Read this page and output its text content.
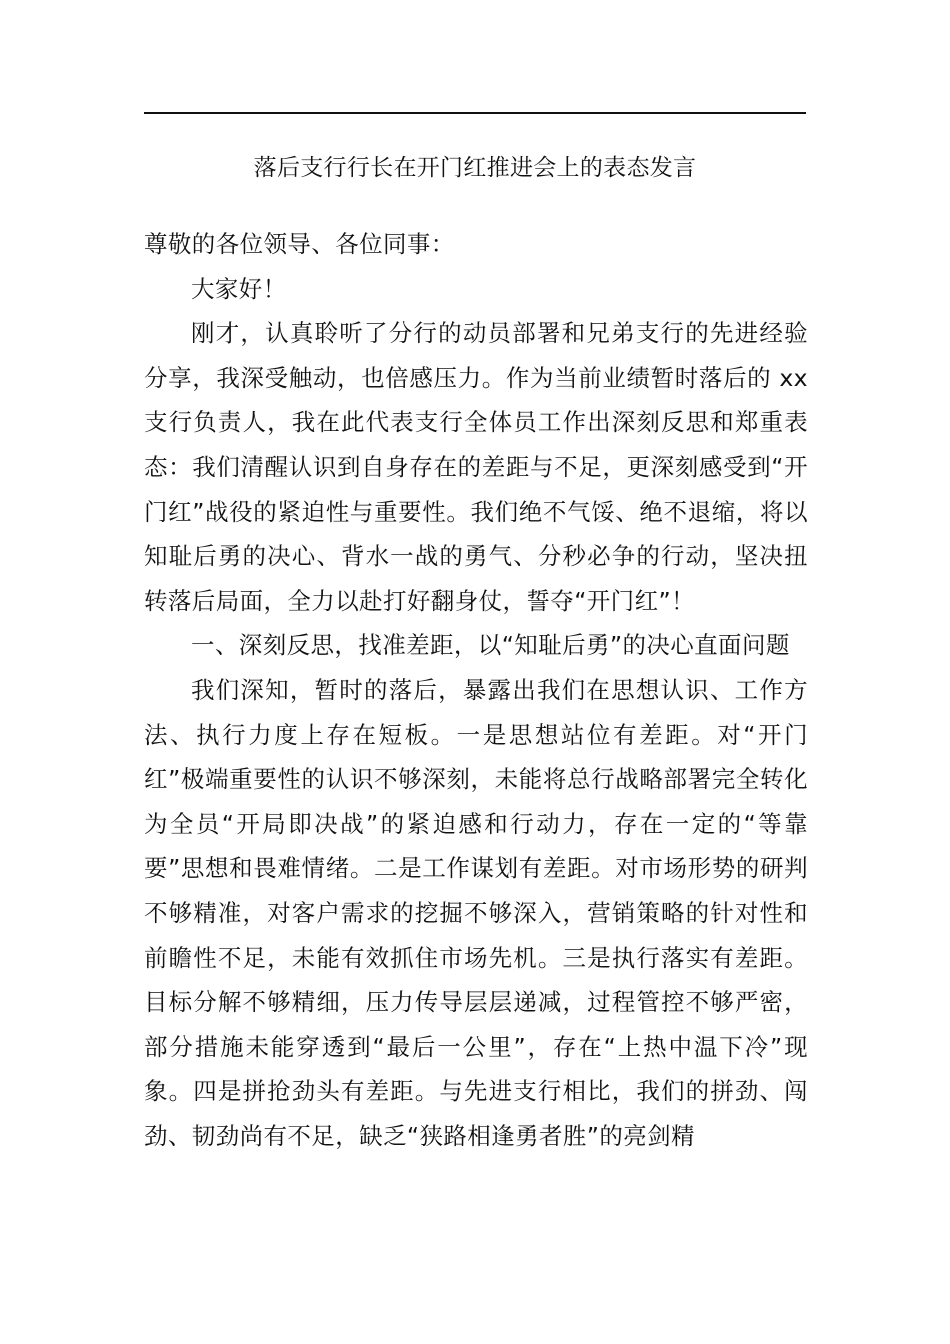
落后支行行长在开门红推进会上的表态发言

尊敬的各位领导、各位同事：

大家好！

刚才，认真聆听了分行的动员部署和兄弟支行的先进经验分享，我深受触动，也倍感压力。作为当前业绩暂时落后的 xx 支行负责人，我在此代表支行全体员工作出深刻反思和郑重表态：我们清醒认识到自身存在的差距与不足，更深刻感受到“开门红”战役的紧迫性与重要性。我们绝不气馁、绝不退缩，将以知耻后勇的决心、背水一战的勇气、分秒必争的行动，坚决扭转落后局面，全力以赴打好翻身仗，誓夺“开门红”！

一、深刻反思，找准差距，以“知耻后勇”的决心直面问题

我们深知，暂时的落后，暴露出我们在思想认识、工作方法、执行力度上存在短板。一是思想站位有差距。对“开门红”极端重要性的认识不够深刻，未能将总行战略部署完全转化为全员“开局即决战”的紧迫感和行动力，存在一定的“等靠要”思想和畏难情绪。二是工作谋划有差距。对市场形势的研判不够精准，对客户需求的挖掘不够深入，营销策略的针对性和前瞻性不足，未能有效抓住市场先机。三是执行落实有差距。目标分解不够精细，压力传导层层递减，过程管控不够严密，部分措施未能穿透到“最后一公里”，存在“上热中温下冷”现象。四是拼抢劲头有差距。与先进支行相比，我们的拼劲、闯劲、韧劲尚有不足，缺乏“狭路相逢勇者胜”的亮剑精
